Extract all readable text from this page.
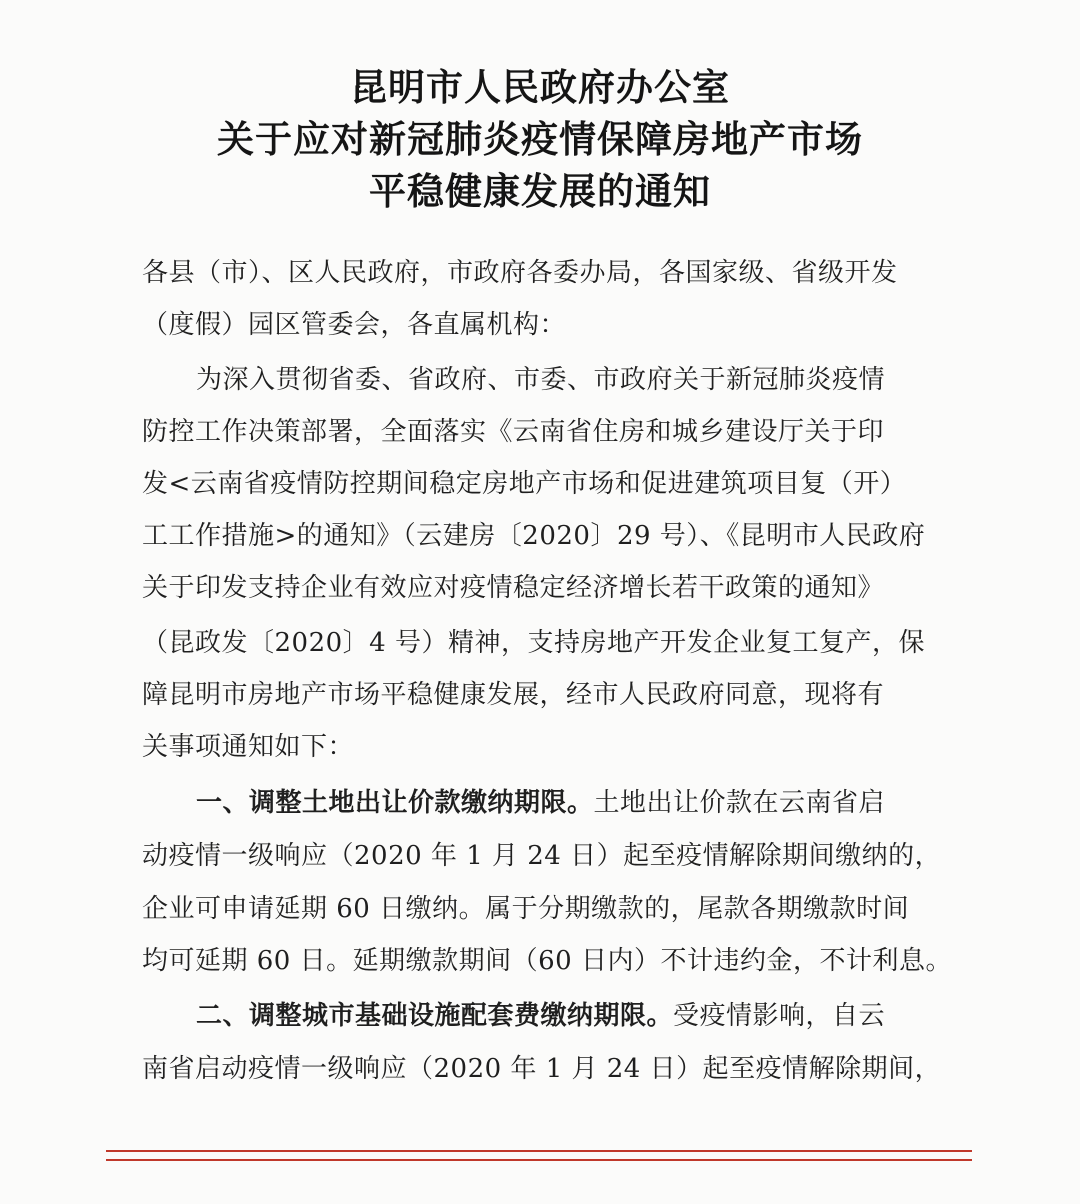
昆明市人民政府办公室
关于应对新冠肺炎疫情保障房地产市场
平稳健康发展的通知
各县（市）、区人民政府，市政府各委办局，各国家级、省级开发
（度假）园区管委会，各直属机构：
为深入贯彻省委、省政府、市委、市政府关于新冠肺炎疫情
防控工作决策部署，全面落实《云南省住房和城乡建设厅关于印
发<云南省疫情防控期间稳定房地产市场和促进建筑项目复（开）
工工作措施>的通知》（云建房〔2020〕29 号）、《昆明市人民政府
关于印发支持企业有效应对疫情稳定经济增长若干政策的通知》
（昆政发〔2020〕4 号）精神，支持房地产开发企业复工复产，保
障昆明市房地产市场平稳健康发展，经市人民政府同意，现将有
关事项通知如下：
一、调整土地出让价款缴纳期限。土地出让价款在云南省启
动疫情一级响应（2020 年 1 月 24 日）起至疫情解除期间缴纳的，
企业可申请延期 60 日缴纳。属于分期缴款的，尾款各期缴款时间
均可延期 60 日。延期缴款期间（60 日内）不计违约金，不计利息。
二、调整城市基础设施配套费缴纳期限。受疫情影响，自云
南省启动疫情一级响应（2020 年 1 月 24 日）起至疫情解除期间，
